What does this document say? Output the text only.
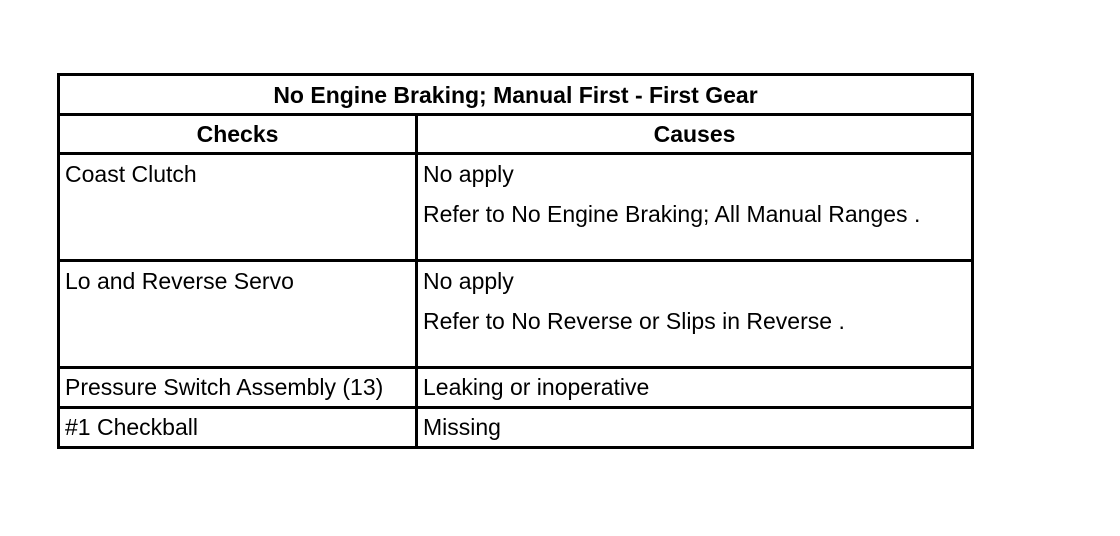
No Engine Braking; Manual First - First Gear	
Checks	Causes

Coast Clutch	No apply
Refer to No Engine Braking; All Manual Ranges .

Lo and Reverse Servo	No apply
Refer to No Reverse or Slips in Reverse .

Pressure Switch Assembly (13)	Leaking or inoperative

#1 Checkball	Missing
